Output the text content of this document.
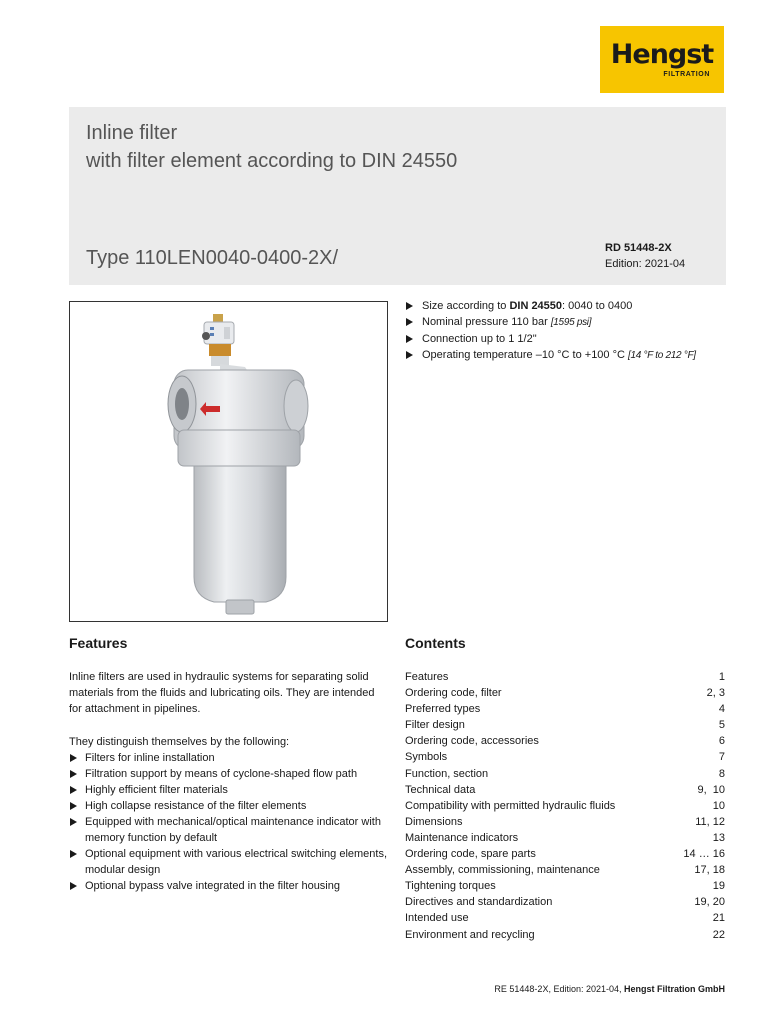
Hengst
FILTRATION
Inline filter
with filter element according to DIN 24550
Type 110LEN0040-0400-2X/	RD 51448-2X
Edition: 2021-04
Size according to DIN 24550: 0040 to 0400
Nominal pressure 110 bar [1595 psi]
Connection up to 1 1/2"
Operating temperature –10 °C to +100 °C [14 °F to 212 °F]
Features	Contents
Inline filters are used in hydraulic systems for separating solid materials from the fluids and lubricating oils. They are intended for attachment in pipelines.
They distinguish themselves by the following:
Filters for inline installation
Filtration support by means of cyclone-shaped flow path
Highly efficient filter materials
High collapse resistance of the filter elements
Equipped with mechanical/optical maintenance indicator with memory function by default
Optional equipment with various electrical switching elements, modular design
Optional bypass valve integrated in the filter housing
Features	1
Ordering code, filter	2, 3
Preferred types	4
Filter design	5
Ordering code, accessories	6
Symbols	7
Function, section	8
Technical data	9,  10
Compatibility with permitted hydraulic fluids	10
Dimensions	11, 12
Maintenance indicators	13
Ordering code, spare parts	14 … 16
Assembly, commissioning, maintenance	17, 18
Tightening torques	19
Directives and standardization	19, 20
Intended use	21
Environment and recycling	22
RE 51448-2X, Edition: 2021-04, Hengst Filtration GmbH
